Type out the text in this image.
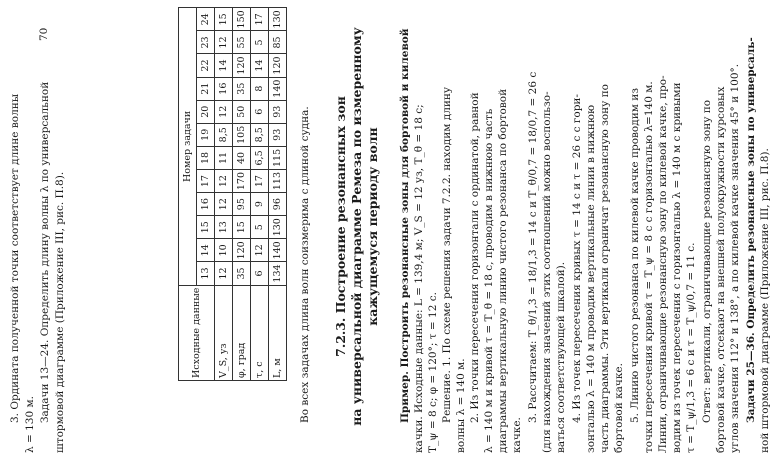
3. Ордината полученной точки соответствует длине волны
λ = 130 м.
Задачи 13—24. Определить длину волны λ по универсальной штормовой диаграмме (Приложение III, рис. П.8).	Исходные данные	Номер задачи											
	13	14	15	16	17	18	19	20	21	22	23	24
V_S, уз	12	10	13	12	12	11	8,5	12	16	14	12	15
φ, град	35	120	15	95	170	40	105	50	35	120	55	150
τ, с	6	12	5	9	17	6,5	8,5	6	8	14	5	17
L, м	134	140	130	96	113	115	93	93	140	120	85	130
Во всех задачах длина волн соизмерима с длиной судна. 7.2.3. Построение резонансных зон на универсальной диаграмме Ремеза по измеренному кажущемуся периоду волн Пример. Построить резонансные зоны для бортовой и килевой качки. Исходные данные: L = 139,4 м; V_S = 12 уз, T_θ = 18 с; T_ψ = 8 с; φ = 120°; τ = 12 с. Решение. 1. По схеме решения задачи 7.2.2. находим длину волны λ = 140 м. 2. Из точки пересечения горизонтали с ординатой, равной λ = 140 м и кривой τ = T_θ = 18 с, проводим в нижнюю часть диаграммы вертикальную линию чистого резонанса по бортовой качке.
3. Рассчитаем: T_θ/1,3 = 18/1,3 = 14 с и T_θ/0,7 = 18/0,7 = 26 с (для нахождения значений этих соотношений можно воспользо- ваться соответствующей шкалой). 4. Из точек пересечения кривых τ = 14 с и τ = 26 с с гори- зонталью λ = 140 м проводим вертикальные линии в нижнюю часть диаграммы. Эти вертикали ограничат резонансную зону по бортовой качке. 5. Линию чистого резонанса по килевой качке проводим из точки пересечения кривой τ = T_ψ = 8 с с горизонталью λ=140 м. Линии, ограничивающие резонансную зону по килевой качке, про- водим из точек пересечения с горизонталью λ = 140 м с кривыми τ = T_ψ/1,3 = 6 с и τ = T_ψ/0,7 = 11 с. Ответ: вертикали, ограничивающие резонансную зону по бортовой качке, отсекают на внешней полуокружности курсовых углов значения 112° и 138°, а по килевой качке значения 45° и 100°. Задачи 25—36. Определить резонансные зоны по универсаль- ной штормовой диаграмме (Приложение III, рис. П.8).
70
